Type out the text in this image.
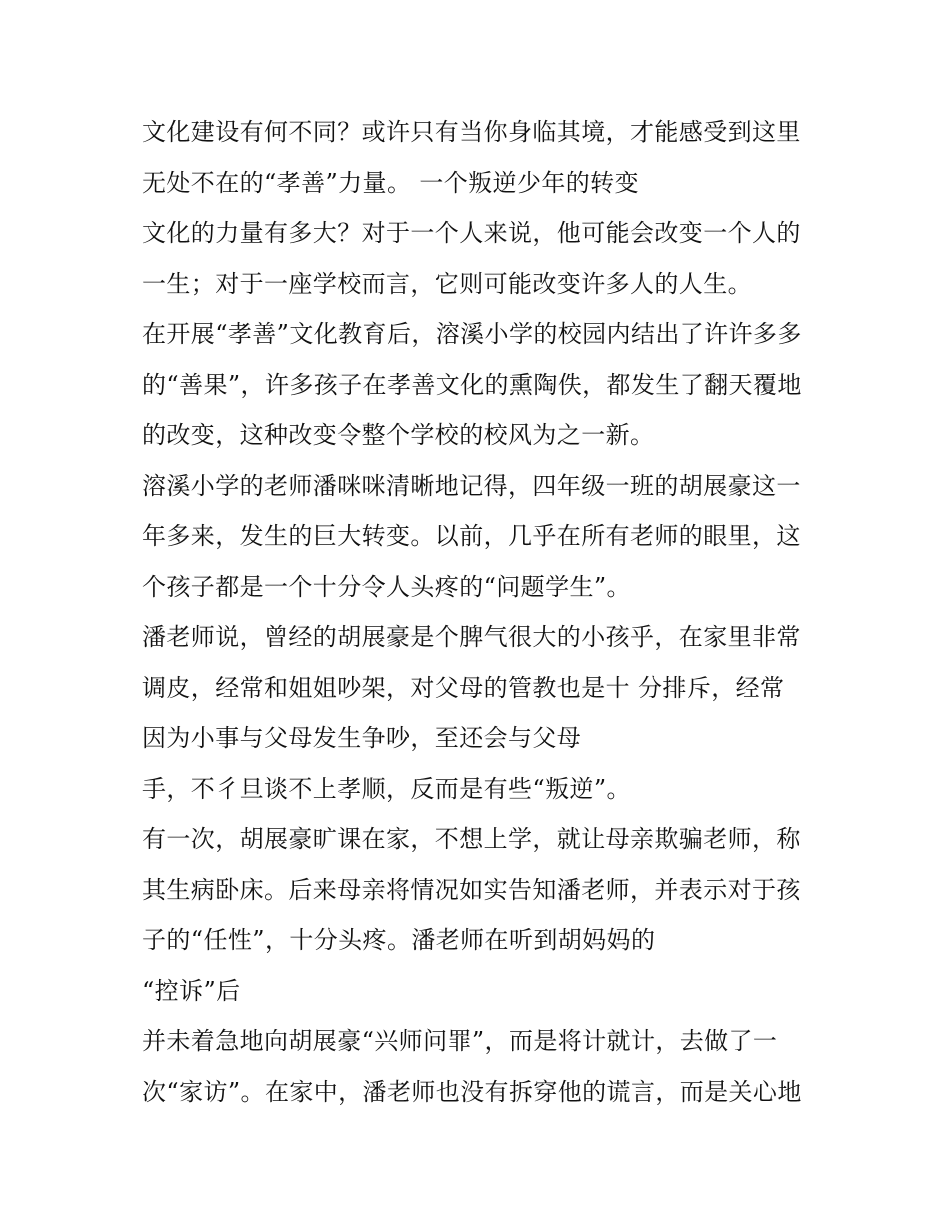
文化建设有何不同？或许只有当你身临其境，才能感受到这里
无处不在的“孝善”力量。 一个叛逆少年的转变
文化的力量有多大？对于一个人来说，他可能会改变一个人的
一生；对于一座学校而言，它则可能改变许多人的人生。
在开展“孝善”文化教育后，溶溪小学的校园内结出了许许多多
的“善果”，许多孩子在孝善文化的熏陶佚，都发生了翻天覆地
的改变，这种改变令整个学校的校风为之一新。
溶溪小学的老师潘咪咪清晰地记得，四年级一班的胡展豪这一
年多来，发生的巨大转变。以前，几乎在所有老师的眼里，这
个孩子都是一个十分令人头疼的“问题学生”。
潘老师说，曾经的胡展豪是个脾气很大的小孩乎，在家里非常
调皮，经常和姐姐吵架，对父母的管教也是十 分排斥，经常
因为小事与父母发生争吵，至还会与父母
手，不彳旦谈不上孝顺，反而是有些“叛逆”。
有一次，胡展豪旷课在家，不想上学，就让母亲欺骗老师，称
其生病卧床。后来母亲将情况如实告知潘老师，并表示对于孩
子的“任性”，十分头疼。潘老师在听到胡妈妈的
“控诉”后
并未着急地向胡展豪“兴师问罪”，而是将计就计，去做了一
次“家访”。在家中，潘老师也没有拆穿他的谎言，而是关心地
